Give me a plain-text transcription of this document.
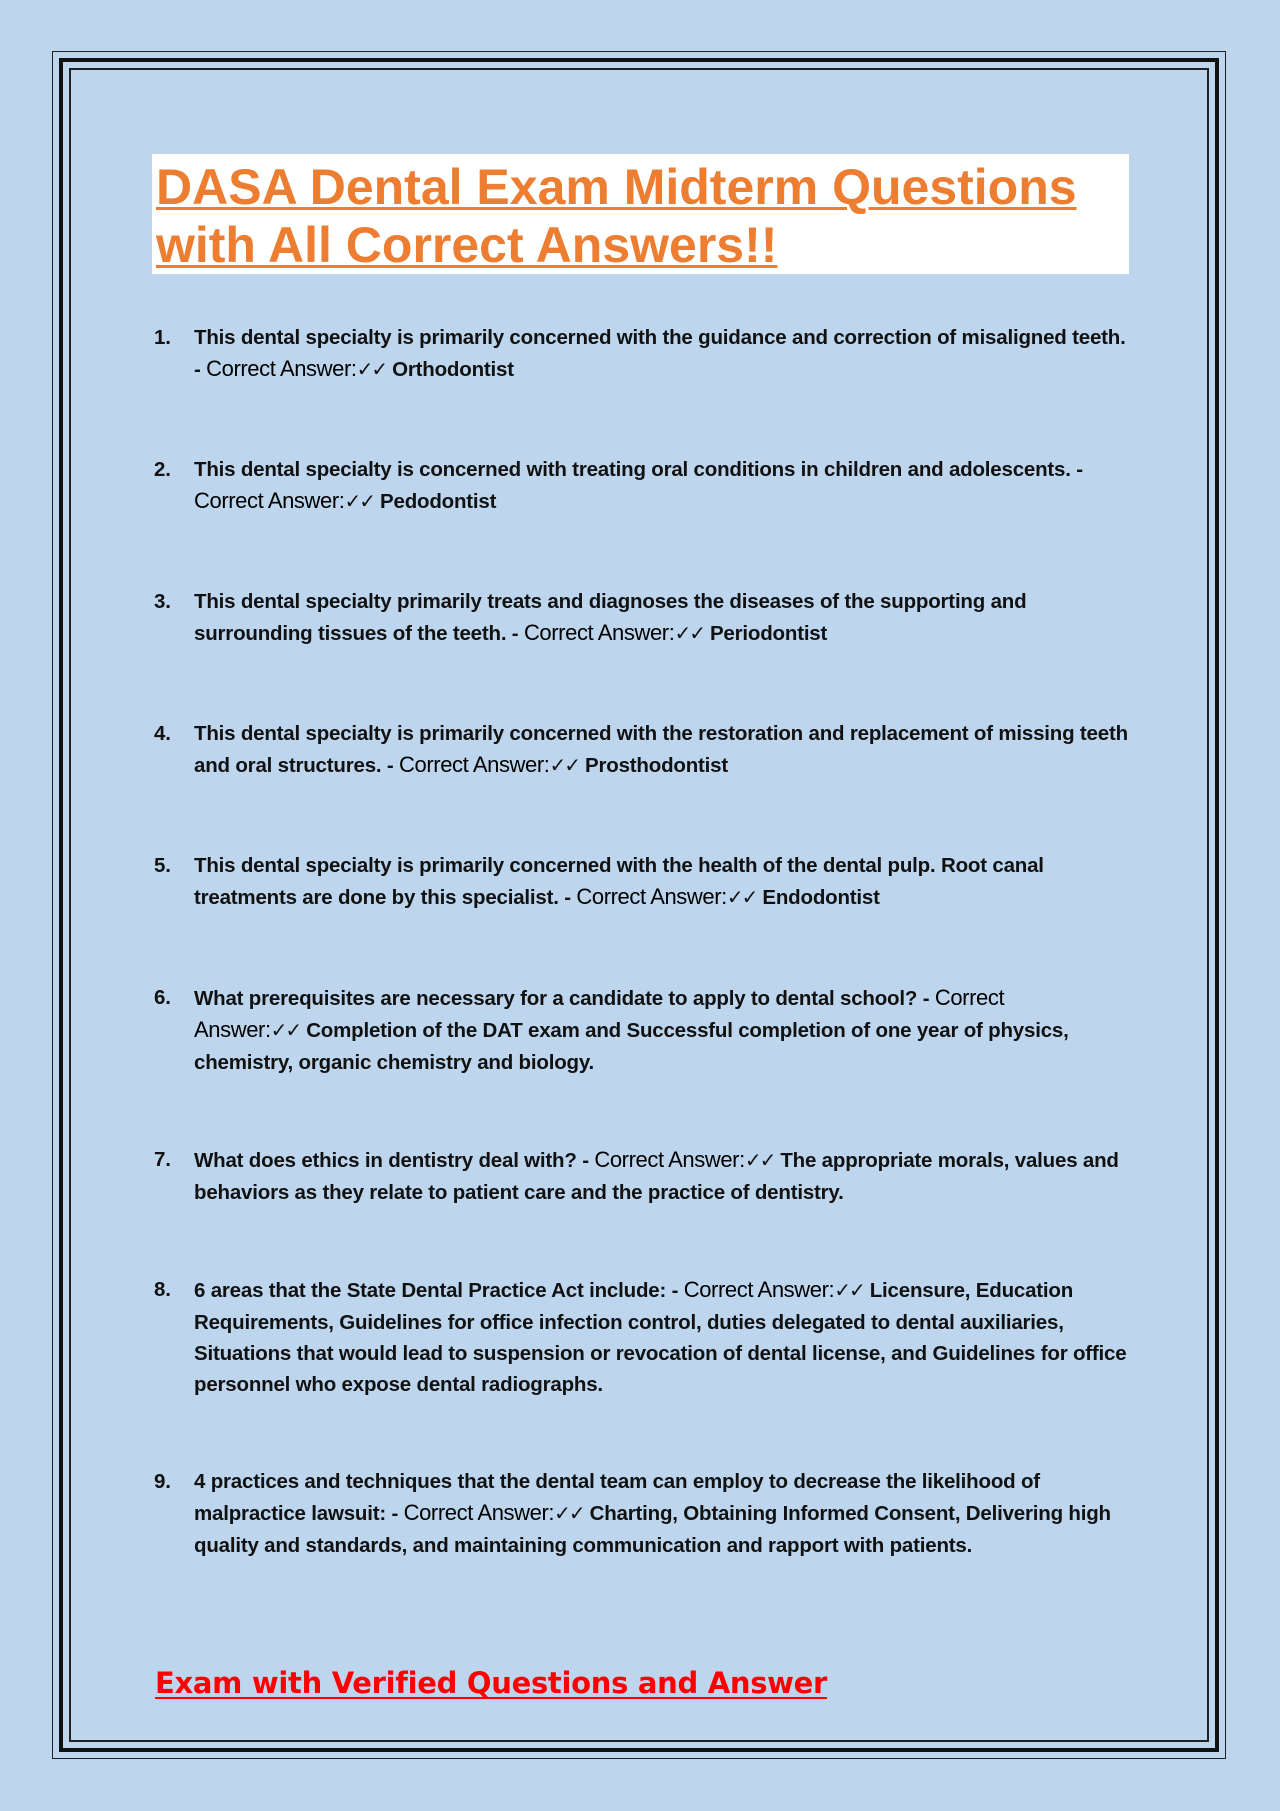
DASA Dental Exam Midterm Questions with All Correct Answers!!
1. This dental specialty is primarily concerned with the guidance and correction of misaligned teeth. - Correct Answer:✓✓ Orthodontist
2. This dental specialty is concerned with treating oral conditions in children and adolescents. - Correct Answer:✓✓ Pedodontist
3. This dental specialty primarily treats and diagnoses the diseases of the supporting and surrounding tissues of the teeth. - Correct Answer:✓✓ Periodontist
4. This dental specialty is primarily concerned with the restoration and replacement of missing teeth and oral structures. - Correct Answer:✓✓ Prosthodontist
5. This dental specialty is primarily concerned with the health of the dental pulp. Root canal treatments are done by this specialist. - Correct Answer:✓✓ Endodontist
6. What prerequisites are necessary for a candidate to apply to dental school? - Correct Answer:✓✓ Completion of the DAT exam and Successful completion of one year of physics, chemistry, organic chemistry and biology.
7. What does ethics in dentistry deal with? - Correct Answer:✓✓ The appropriate morals, values and behaviors as they relate to patient care and the practice of dentistry.
8. 6 areas that the State Dental Practice Act include: - Correct Answer:✓✓ Licensure, Education Requirements, Guidelines for office infection control, duties delegated to dental auxiliaries, Situations that would lead to suspension or revocation of dental license, and Guidelines for office personnel who expose dental radiographs.
9. 4 practices and techniques that the dental team can employ to decrease the likelihood of malpractice lawsuit: - Correct Answer:✓✓ Charting, Obtaining Informed Consent, Delivering high quality and standards, and maintaining communication and rapport with patients.
Exam with Verified Questions and Answer
